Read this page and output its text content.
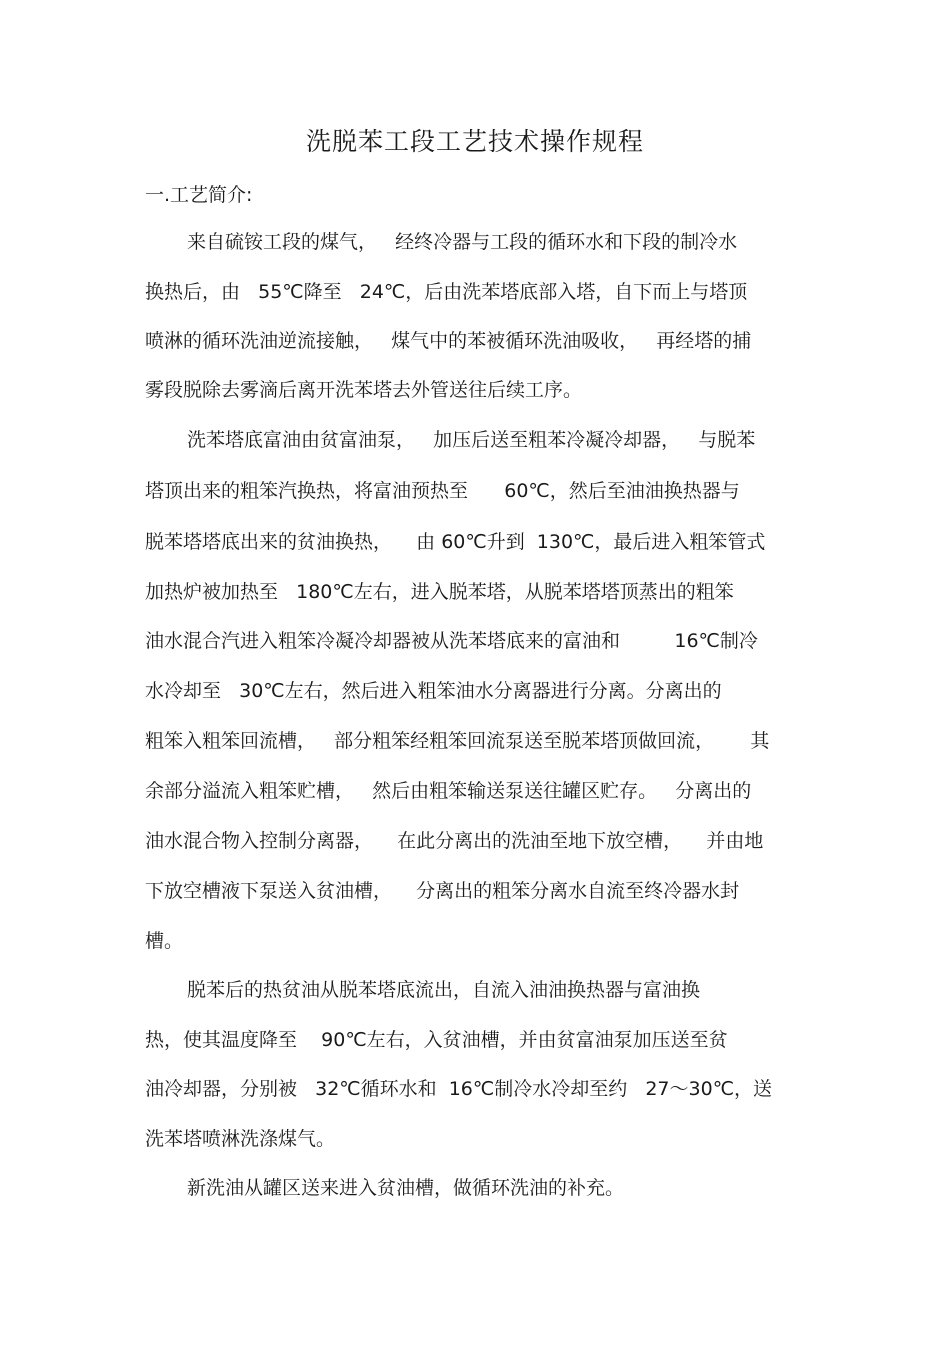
洗脱苯工段工艺技术操作规程
一.工艺简介:
来自硫铵工段的煤气，   经终冷器与工段的循环水和下段的制冷水
换热后，由   55℃降至   24℃，后由洗苯塔底部入塔，自下而上与塔顶
喷淋的循环洗油逆流接触，   煤气中的苯被循环洗油吸收，   再经塔的捕
雾段脱除去雾滴后离开洗苯塔去外管送往后续工序。
洗苯塔底富油由贫富油泵，   加压后送至粗苯冷凝冷却器，   与脱苯
塔顶出来的粗笨汽换热，将富油预热至      60℃，然后至油油换热器与
脱苯塔塔底出来的贫油换热，    由 60℃升到  130℃，最后进入粗笨管式
加热炉被加热至   180℃左右，进入脱苯塔，从脱苯塔塔顶蒸出的粗笨
油水混合汽进入粗笨冷凝冷却器被从洗苯塔底来的富油和         16℃制冷
水冷却至   30℃左右，然后进入粗笨油水分离器进行分离。分离出的
粗笨入粗笨回流槽，   部分粗笨经粗笨回流泵送至脱苯塔顶做回流，      其
余部分溢流入粗笨贮槽，   然后由粗笨输送泵送往罐区贮存。   分离出的
油水混合物入控制分离器，    在此分离出的洗油至地下放空槽，    并由地
下放空槽液下泵送入贫油槽，    分离出的粗笨分离水自流至终冷器水封
槽。
脱苯后的热贫油从脱苯塔底流出，自流入油油换热器与富油换
热，使其温度降至    90℃左右，入贫油槽，并由贫富油泵加压送至贫
油冷却器，分别被   32℃循环水和  16℃制冷水冷却至约   27～30℃，送
洗苯塔喷淋洗涤煤气。
新洗油从罐区送来进入贫油槽，做循环洗油的补充。
